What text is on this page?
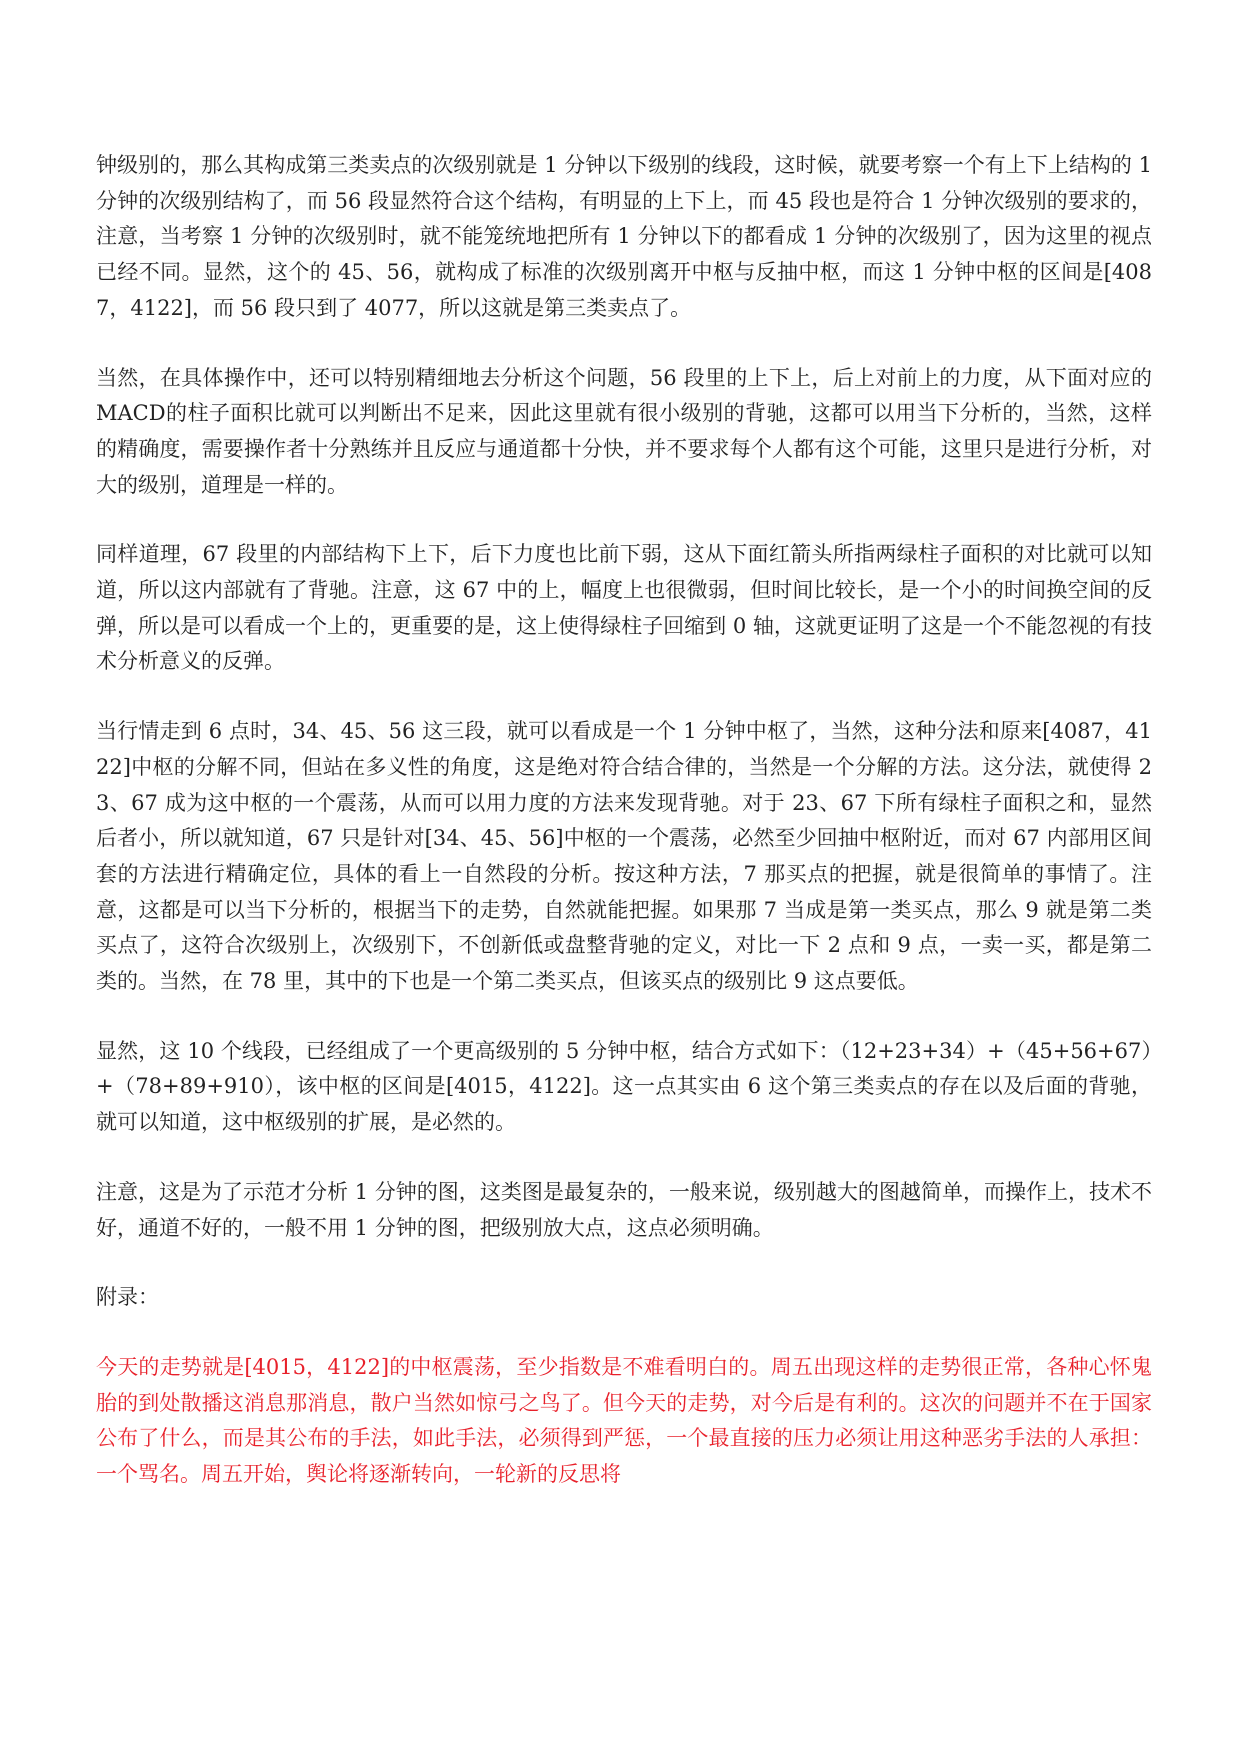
钟级别的，那么其构成第三类卖点的次级别就是 1 分钟以下级别的线段，这时候，就要考察一个有上下上结构的 1 分钟的次级别结构了，而 56 段显然符合这个结构，有明显的上下上，而 45 段也是符合 1 分钟次级别的要求的，注意，当考察 1 分钟的次级别时，就不能笼统地把所有 1 分钟以下的都看成 1 分钟的次级别了，因为这里的视点已经不同。显然，这个的 45、56，就构成了标准的次级别离开中枢与反抽中枢，而这 1 分钟中枢的区间是[4087，4122]，而 56 段只到了 4077，所以这就是第三类卖点了。

当然，在具体操作中，还可以特别精细地去分析这个问题，56 段里的上下上，后上对前上的力度，从下面对应的MACD的柱子面积比就可以判断出不足来，因此这里就有很小级别的背驰，这都可以用当下分析的，当然，这样的精确度，需要操作者十分熟练并且反应与通道都十分快，并不要求每个人都有这个可能，这里只是进行分析，对大的级别，道理是一样的。

同样道理，67 段里的内部结构下上下，后下力度也比前下弱，这从下面红箭头所指两绿柱子面积的对比就可以知道，所以这内部就有了背驰。注意，这 67 中的上，幅度上也很微弱，但时间比较长，是一个小的时间换空间的反弹，所以是可以看成一个上的，更重要的是，这上使得绿柱子回缩到 0 轴，这就更证明了这是一个不能忽视的有技术分析意义的反弹。

当行情走到 6 点时，34、45、56 这三段，就可以看成是一个 1 分钟中枢了，当然，这种分法和原来[4087，4122]中枢的分解不同，但站在多义性的角度，这是绝对符合结合律的，当然是一个分解的方法。这分法，就使得 23、67 成为这中枢的一个震荡，从而可以用力度的方法来发现背驰。对于 23、67 下所有绿柱子面积之和，显然后者小，所以就知道，67 只是针对[34、45、56]中枢的一个震荡，必然至少回抽中枢附近，而对 67 内部用区间套的方法进行精确定位，具体的看上一自然段的分析。按这种方法，7 那买点的把握，就是很简单的事情了。注意，这都是可以当下分析的，根据当下的走势，自然就能把握。如果那 7 当成是第一类买点，那么 9 就是第二类买点了，这符合次级别上，次级别下，不创新低或盘整背驰的定义，对比一下 2 点和 9 点，一卖一买，都是第二类的。当然，在 78 里，其中的下也是一个第二类买点，但该买点的级别比 9 这点要低。

显然，这 10 个线段，已经组成了一个更高级别的 5 分钟中枢，结合方式如下：（12+23+34）+（45+56+67）+（78+89+910），该中枢的区间是[4015，4122]。这一点其实由 6 这个第三类卖点的存在以及后面的背驰，就可以知道，这中枢级别的扩展，是必然的。

注意，这是为了示范才分析 1 分钟的图，这类图是最复杂的，一般来说，级别越大的图越简单，而操作上，技术不好，通道不好的，一般不用 1 分钟的图，把级别放大点，这点必须明确。

附录：

今天的走势就是[4015，4122]的中枢震荡，至少指数是不难看明白的。周五出现这样的走势很正常，各种心怀鬼胎的到处散播这消息那消息，散户当然如惊弓之鸟了。但今天的走势，对今后是有利的。这次的问题并不在于国家公布了什么，而是其公布的手法，如此手法，必须得到严惩，一个最直接的压力必须让用这种恶劣手法的人承担：一个骂名。周五开始，舆论将逐渐转向，一轮新的反思将
